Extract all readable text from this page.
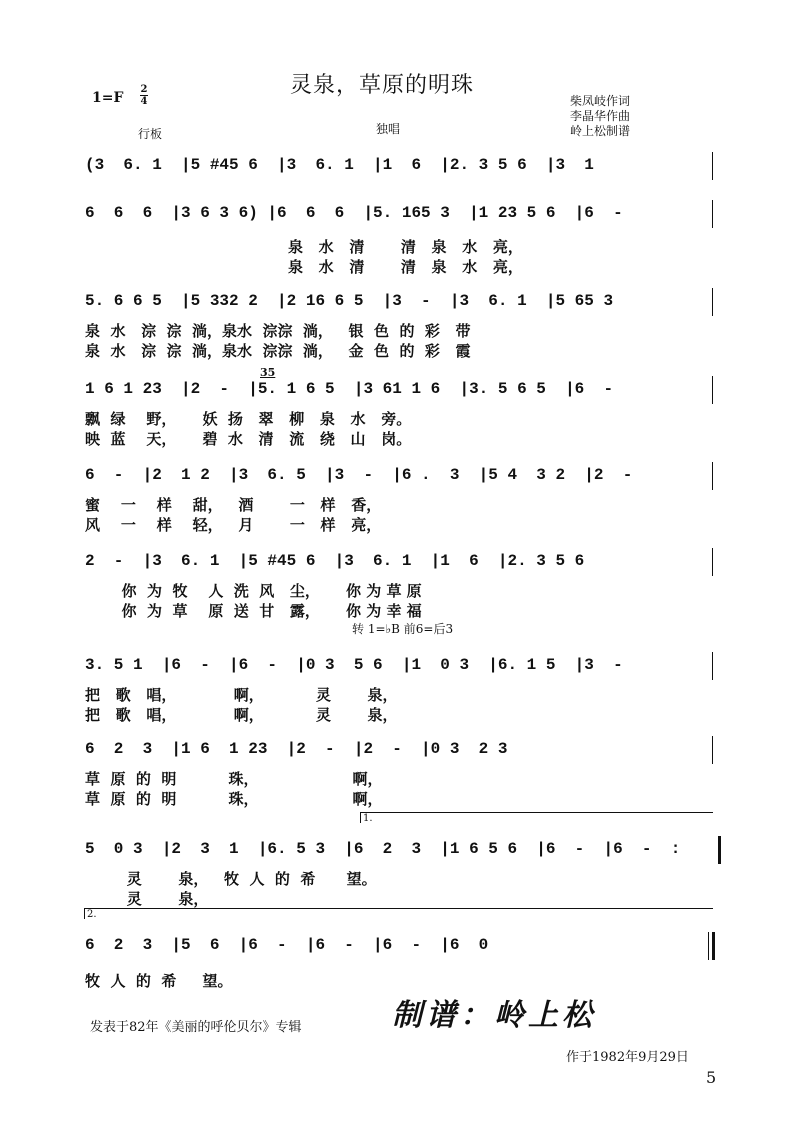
1=F
2
4
灵泉，草原的明珠
柴凤岐作词
李晶华作曲
岭上松制谱
行板	独唱
(3  6. 1  |5 #45 6  |3  6. 1  |1  6  |2. 3 5 6  |3  1
6  6  6  |3 6 3 6) |6  6  6  |5. 165 3  |1 23 5 6  |6  -
泉   水   清       清   泉   水   亮，
泉   水   清       清   泉   水   亮，
5. 6 6 5  |5 332 2  |2 16 6 5  |3  -  |3  6. 1  |5 65 3
泉  水   淙  淙  淌，泉水  淙淙  淌，   银  色  的  彩   带
泉  水   淙  淙  淌，泉水  淙淙  淌，   金  色  的  彩   霞
35
1 6 1 23  |2  -  |5. 1 6 5  |3 61 1 6  |3. 5 6 5  |6  -
飘  绿    野，     妖  扬   翠   柳   泉   水   旁。
映  蓝    天，     碧  水   清   流   绕   山   岗。
6  -  |2  1 2  |3  6. 5  |3  -  |6 .  3  |5 4  3 2  |2  -
蜜    一    样    甜，   酒       一   样   香，
风    一    样    轻，   月       一   样   亮，
2  -  |3  6. 1  |5 #45 6  |3  6. 1  |1  6  |2. 3 5 6
你  为  牧    人  洗  风   尘，     你 为 草 原
你  为  草    原  送  甘   露，     你 为 幸 福
转 1=♭B 前6=后3
3. 5 1  |6  -  |6  -  |0 3  5 6  |1  0 3  |6. 1 5  |3  -
把   歌   唱，           啊，          灵       泉，
把   歌   唱，           啊，          灵       泉，
6  2  3  |1 6  1 23  |2  -  |2  -  |0 3  2 3
草  原  的  明          珠，                  啊，
草  原  的  明          珠，                  啊，
1.
5  0 3  |2  3  1  |6. 5 3  |6  2  3  |1 6 5 6  |6  -  |6  -  :
灵       泉，   牧  人  的  希      望。
灵       泉，
2.
6  2  3  |5  6  |6  -  |6  -  |6  -  |6  0
牧  人  的  希     望。
发表于82年《美丽的呼伦贝尔》专辑	制谱：岭上松
作于1982年9月29日
5
